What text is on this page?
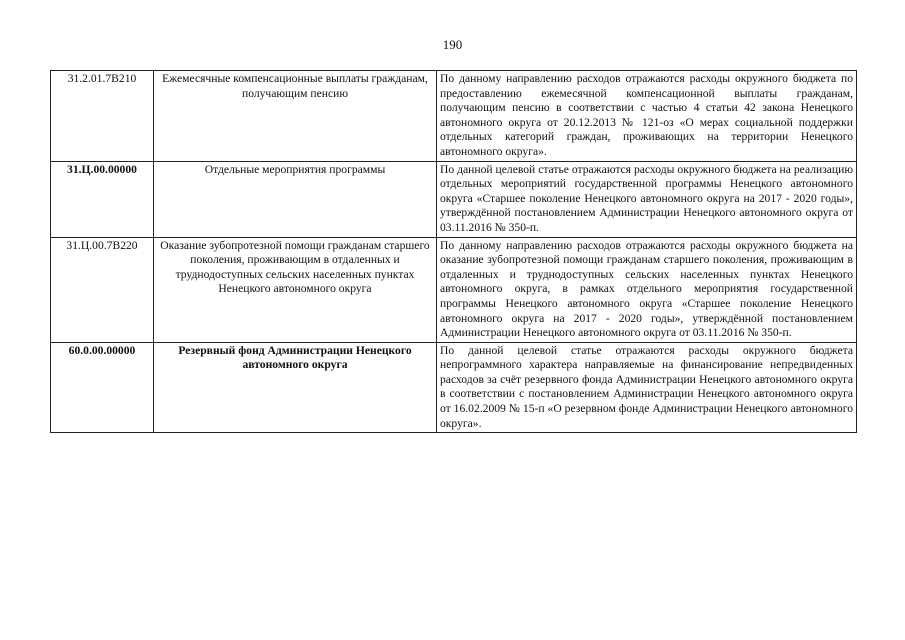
190
31.2.01.7В210	Ежемесячные компенсационные выплаты гражданам, получающим пенсию	По данному направлению расходов отражаются расходы окружного бюджета по предоставлению ежемесячной компенсационной выплаты гражданам, получающим пенсию в соответствии с частью 4 статьи 42 закона Ненецкого автономного округа от 20.12.2013 № 121-оз «О мерах социальной поддержки отдельных категорий граждан, проживающих на территории Ненецкого автономного округа».
31.Ц.00.00000	Отдельные мероприятия программы	По данной целевой статье отражаются расходы окружного бюджета на реализацию отдельных мероприятий государственной программы Ненецкого автономного округа «Старшее поколение Ненецкого автономного округа на 2017 - 2020 годы», утверждённой постановлением Администрации Ненецкого автономного округа от 03.11.2016 № 350-п.
31.Ц.00.7В220	Оказание зубопротезной помощи гражданам старшего поколения, проживающим в отдаленных и труднодоступных сельских населенных пунктах Ненецкого автономного округа	По данному направлению расходов отражаются расходы окружного бюджета на оказание зубопротезной помощи гражданам старшего поколения, проживающим в отдаленных и труднодоступных сельских населенных пунктах Ненецкого автономного округа, в рамках отдельного мероприятия государственной программы Ненецкого автономного округа «Старшее поколение Ненецкого автономного округа на 2017 - 2020 годы», утверждённой постановлением Администрации Ненецкого автономного округа от 03.11.2016 № 350-п.
60.0.00.00000	Резервный фонд Администрации Ненецкого автономного округа	По данной целевой статье отражаются расходы окружного бюджета непрограммного характера направляемые на финансирование непредвиденных расходов за счёт резервного фонда Администрации Ненецкого автономного округа в соответствии с постановлением Администрации Ненецкого автономного округа от 16.02.2009 № 15-п «О резервном фонде Администрации Ненецкого автономного округа».
